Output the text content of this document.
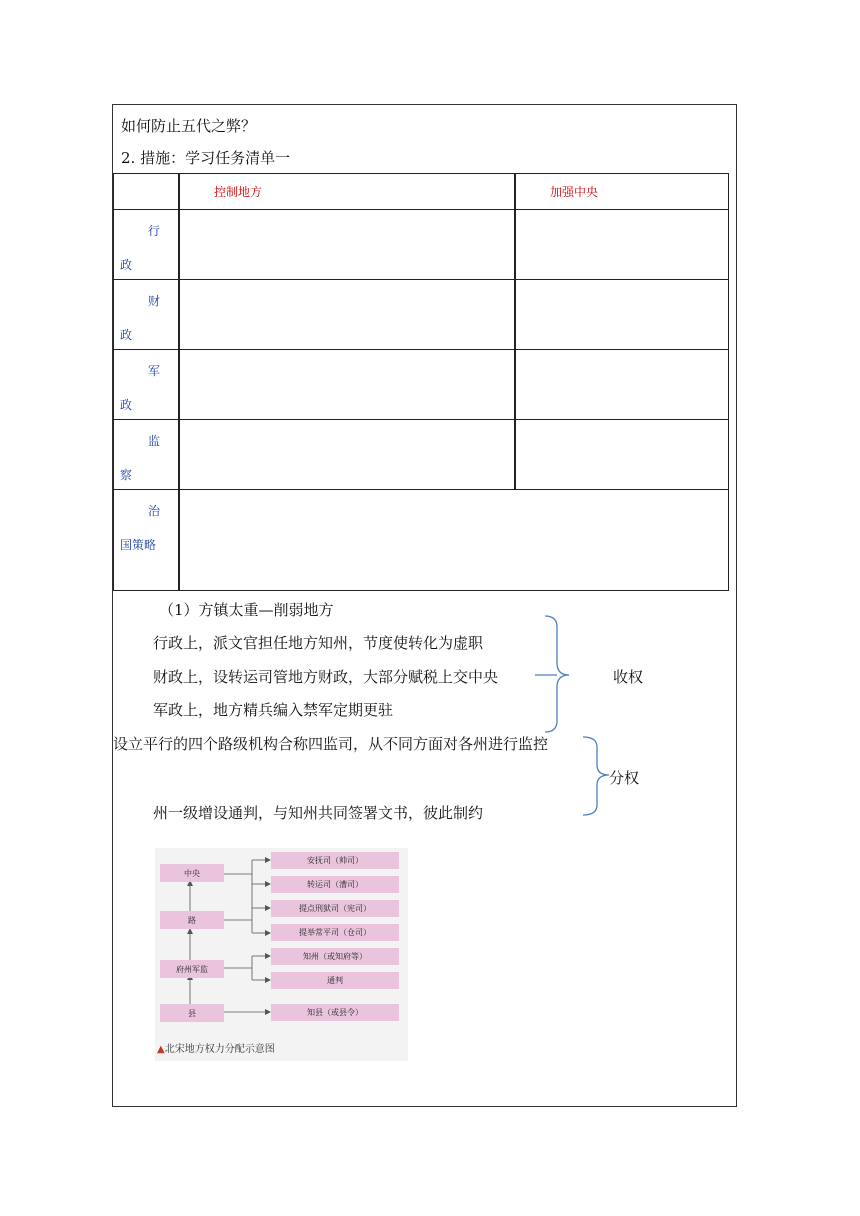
如何防止五代之弊？
2. 措施：学习任务清单一
	控制地方	加强中央

行
政		

财
政		

军
政		

监
察		

治
国策略		

（1）方镇太重—削弱地方
行政上，派文官担任地方知州，节度使转化为虚职
财政上，设转运司管地方财政，大部分赋税上交中央
军政上，地方精兵编入禁军定期更驻
收权
设立平行的四个路级机构合称四监司，从不同方面对各州进行监控
州一级增设通判，与知州共同签署文书，彼此制约
分权
中央
路
府州军监
县
安抚司（帅司）
转运司（漕司）
提点刑狱司（宪司）
提举常平司（仓司）
知州（或知府等）
通判
知县（或县令）
▲北宋地方权力分配示意图
